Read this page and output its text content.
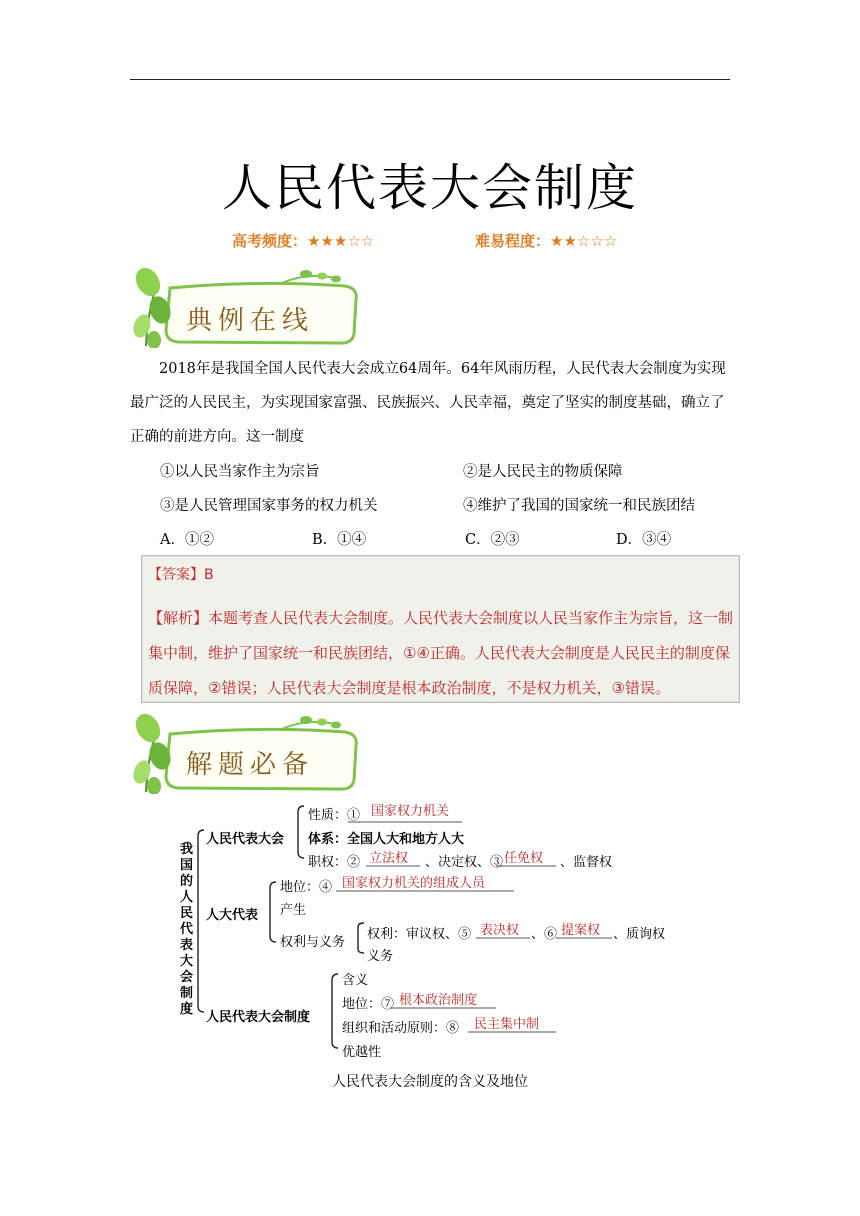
人民代表大会制度
高考频度：★★★☆☆	难易程度：★★☆☆☆
典例在线
2018年是我国全国人民代表大会成立64周年。64年风雨历程，人民代表大会制度为实现最广泛的人民民主，为实现国家富强、民族振兴、人民幸福，奠定了坚实的制度基础，确立了正确的前进方向。这一制度
①以人民当家作主为宗旨	②是人民民主的物质保障
③是人民管理国家事务的权力机关	④维护了我国的国家统一和民族团结
A．①②	B．①④	C．②③	D．③④
【答案】B
【解析】本题考查人民代表大会制度。人民代表大会制度以人民当家作主为宗旨，这一制
集中制，维护了国家统一和民族团结，①④正确。人民代表大会制度是人民民主的制度保
质保障，②错误；人民代表大会制度是根本政治制度，不是权力机关，③错误。
解题必备
我国的人民代表大会制度
人民代表大会
性质：① 国家权力机关
体系：全国人大和地方人大
职权：② 立法权 、决定权、③ 任免权 、监督权
人大代表
地位：④ 国家权力机关的组成人员
产生
权利与义务
权利：审议权、⑤ 表决权 、⑥ 提案权 、质询权
义务
人民代表大会制度
含义
地位：⑦ 根本政治制度
组织和活动原则：⑧ 民主集中制
优越性
人民代表大会制度的含义及地位
